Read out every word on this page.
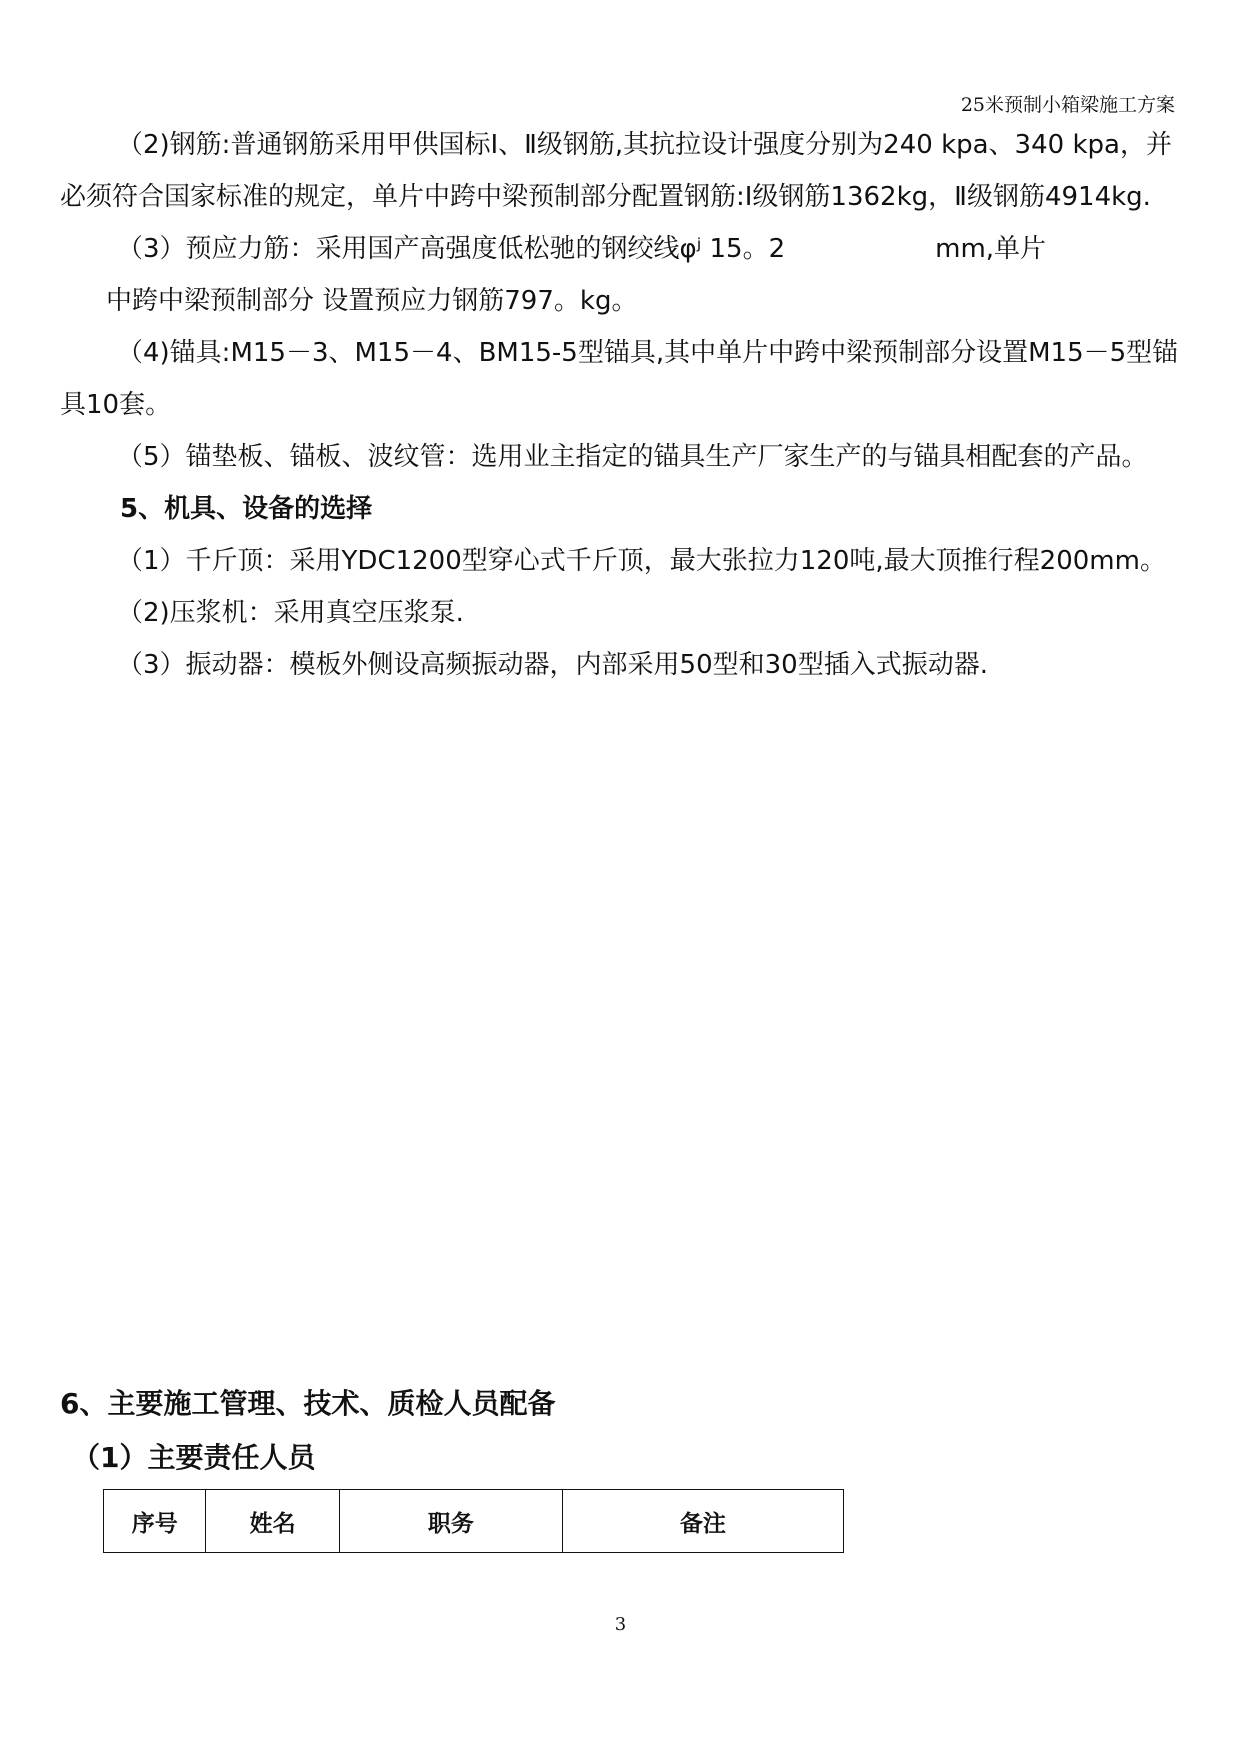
25米预制小箱梁施工方案

（2)钢筋:普通钢筋采用甲供国标Ⅰ、Ⅱ级钢筋,其抗拉设计强度分别为240 kpa、340 kpa，并必须符合国家标准的规定，单片中跨中梁预制部分配置钢筋:Ⅰ级钢筋1362kg，Ⅱ级钢筋4914kg.

（3）预应力筋：采用国产高强度低松驰的钢绞线φʲ 15。2	mm,单片

中跨中梁预制部分 设置预应力钢筋797。kg。

（4)锚具:M15－3、M15－4、BM15-5型锚具,其中单片中跨中梁预制部分设置M15－5型锚具10套。

（5）锚垫板、锚板、波纹管：选用业主指定的锚具生产厂家生产的与锚具相配套的产品。

5、机具、设备的选择

（1）千斤顶：采用YDC1200型穿心式千斤顶，最大张拉力120吨,最大顶推行程200mm。

（2)压浆机：采用真空压浆泵.

（3）振动器：模板外侧设高频振动器，内部采用50型和30型插入式振动器.

6、主要施工管理、技术、质检人员配备
（1）主要责任人员
序号	姓名	职务	备注
3
